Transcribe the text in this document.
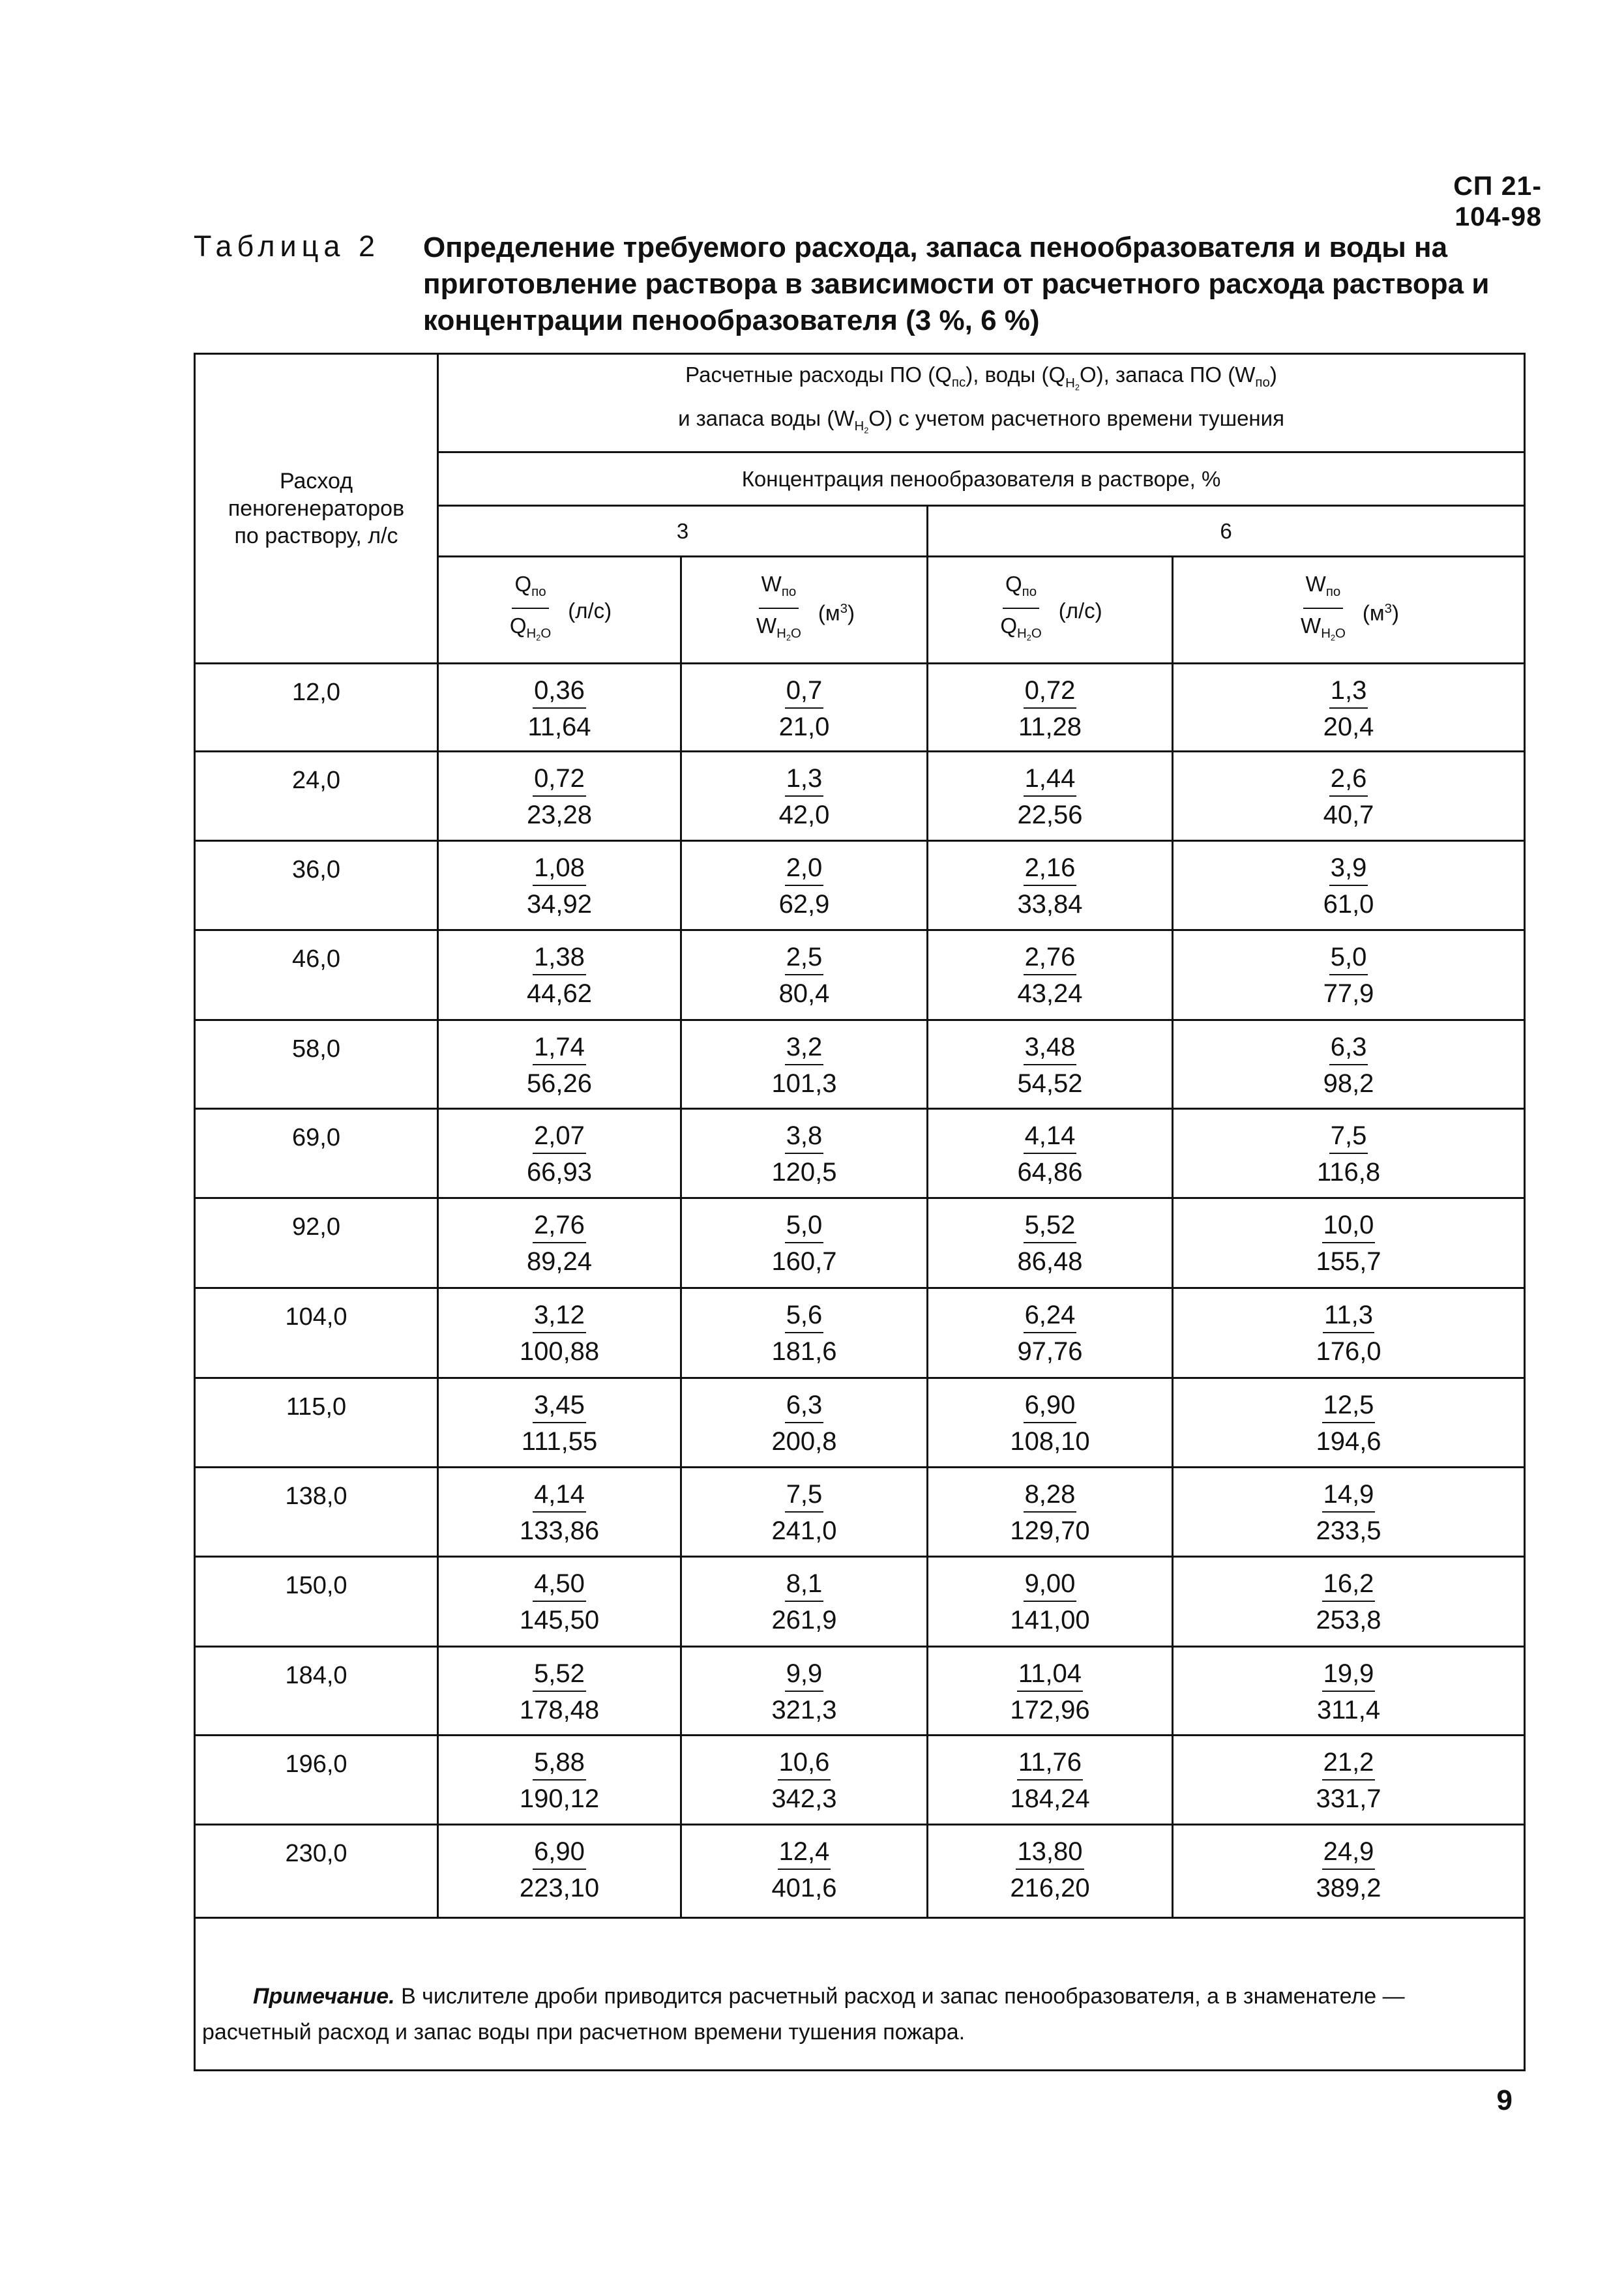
СП 21-104-98
Таблица 2 Определение требуемого расхода, запаса пенообразователя и воды на приготовление раствора в зависимости от расчетного расхода раствора и концентрации пенообразователя (3 %, 6 %)
Расход пеногенераторов по раствору, л/с	Расчетные расходы ПО $(Q_{пс})$, воды $(Q_{H_2}O)$, запаса ПО $(W_{по})$
и запаса воды $(W_{H_2}O)$ с учетом расчетного времени тушения			

	Концентрация пенообразователя в растворе, %			
	3		6	

	$\frac{Q_{по}}{Q_{H_2O}} (л/с)$	$\frac{W_{по}}{W_{H_2O}} (м^3)$	$\frac{Q_{по}}{Q_{H_2O}} (л/с)$	$\frac{W_{по}}{W_{H_2O}} (м^3)$

12,0	$\frac{0,36}{11,64}$	$\frac{0,7}{21,0}$	$\frac{0,72}{11,28}$	$\frac{1,3}{20,4}$

24,0	$\frac{0,72}{23,28}$	$\frac{1,3}{42,0}$	$\frac{1,44}{22,56}$	$\frac{2,6}{40,7}$

36,0	$\frac{1,08}{34,92}$	$\frac{2,0}{62,9}$	$\frac{2,16}{33,84}$	$\frac{3,9}{61,0}$

46,0	$\frac{1,38}{44,62}$	$\frac{2,5}{80,4}$	$\frac{2,76}{43,24}$	$\frac{5,0}{77,9}$

58,0	$\frac{1,74}{56,26}$	$\frac{3,2}{101,3}$	$\frac{3,48}{54,52}$	$\frac{6,3}{98,2}$

69,0	$\frac{2,07}{66,93}$	$\frac{3,8}{120,5}$	$\frac{4,14}{64,86}$	$\frac{7,5}{116,8}$

92,0	$\frac{2,76}{89,24}$	$\frac{5,0}{160,7}$	$\frac{5,52}{86,48}$	$\frac{10,0}{155,7}$

104,0	$\frac{3,12}{100,88}$	$\frac{5,6}{181,6}$	$\frac{6,24}{97,76}$	$\frac{11,3}{176,0}$

115,0	$\frac{3,45}{111,55}$	$\frac{6,3}{200,8}$	$\frac{6,90}{108,10}$	$\frac{12,5}{194,6}$

138,0	$\frac{4,14}{133,86}$	$\frac{7,5}{241,0}$	$\frac{8,28}{129,70}$	$\frac{14,9}{233,5}$

150,0	$\frac{4,50}{145,50}$	$\frac{8,1}{261,9}$	$\frac{9,00}{141,00}$	$\frac{16,2}{253,8}$

184,0	$\frac{5,52}{178,48}$	$\frac{9,9}{321,3}$	$\frac{11,04}{172,96}$	$\frac{19,9}{311,4}$

196,0	$\frac{5,88}{190,12}$	$\frac{10,6}{342,3}$	$\frac{11,76}{184,24}$	$\frac{21,2}{331,7}$

230,0	$\frac{6,90}{223,10}$	$\frac{12,4}{401,6}$	$\frac{13,80}{216,20}$	$\frac{24,9}{389,2}$

Примечание. В числителе дроби приводится расчетный расход и запас пенообразователя, а в знаменателе — расчетный расход и запас воды при расчетном времени тушения пожара.				
9
